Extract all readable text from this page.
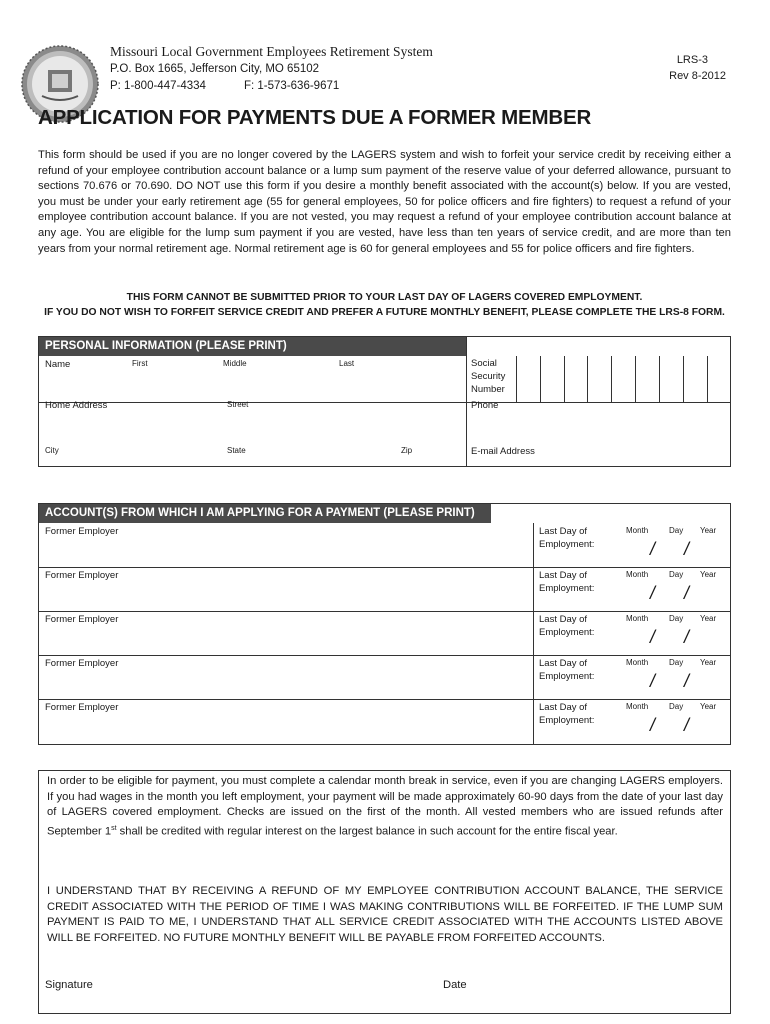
Missouri Local Government Employees Retirement System
P.O. Box 1665, Jefferson City, MO 65102
P: 1-800-447-4334	F: 1-573-636-9671
LRS-3
Rev 8-2012
APPLICATION FOR PAYMENTS DUE A FORMER MEMBER
This form should be used if you are no longer covered by the LAGERS system and wish to forfeit your service credit by receiving either a refund of your employee contribution account balance or a lump sum payment of the reserve value of your deferred allowance, pursuant to sections 70.676 or 70.690. DO NOT use this form if you desire a monthly benefit associated with the account(s) below. If you are vested, you must be under your early retirement age (55 for general employees, 50 for police officers and fire fighters) to request a refund of your employee contribution account balance. If you are not vested, you may request a refund of your employee contribution account balance at any age. You are eligible for the lump sum payment if you are vested, have less than ten years of service credit, and are more than ten years from your normal retirement age. Normal retirement age is 60 for general employees and 55 for police officers and fire fighters.
THIS FORM CANNOT BE SUBMITTED PRIOR TO YOUR LAST DAY OF LAGERS COVERED EMPLOYMENT.
IF YOU DO NOT WISH TO FORFEIT SERVICE CREDIT AND PREFER A FUTURE MONTHLY BENEFIT, PLEASE COMPLETE THE LRS-8 FORM.
PERSONAL INFORMATION (PLEASE PRINT)
Name	First	Middle	Last	Social
Security
Number
Home Address	Street	Phone
City	State	Zip	E-mail Address
ACCOUNT(S) FROM WHICH I AM APPLYING FOR A PAYMENT (PLEASE PRINT)
Former Employer	Last Day of
Employment:
Month	Day Year
/ /
Former Employer	Last Day of
Employment:
Month	Day Year
/ /
Former Employer	Last Day of
Employment:
Month	Day Year
/ /
Former Employer	Last Day of
Employment:
Month	Day Year
/ /
Former Employer	Last Day of
Employment:
Month	Day Year
/ /
In order to be eligible for payment, you must complete a calendar month break in service, even if you are changing LAGERS employers. If you had wages in the month you left employment, your payment will be made approximately 60-90 days from the date of your last day of LAGERS covered employment. Checks are issued on the first of the month. All vested members who are issued refunds after September 1st shall be credited with regular interest on the largest balance in such account for the entire fiscal year.
I UNDERSTAND THAT BY RECEIVING A REFUND OF MY EMPLOYEE CONTRIBUTION ACCOUNT BALANCE, THE SERVICE CREDIT ASSOCIATED WITH THE PERIOD OF TIME I WAS MAKING CONTRIBUTIONS WILL BE FORFEITED. IF THE LUMP SUM PAYMENT IS PAID TO ME, I UNDERSTAND THAT ALL SERVICE CREDIT ASSOCIATED WITH THE ACCOUNTS LISTED ABOVE WILL BE FORFEITED. NO FUTURE MONTHLY BENEFIT WILL BE PAYABLE FROM FORFEITED ACCOUNTS.
Signature	Date
